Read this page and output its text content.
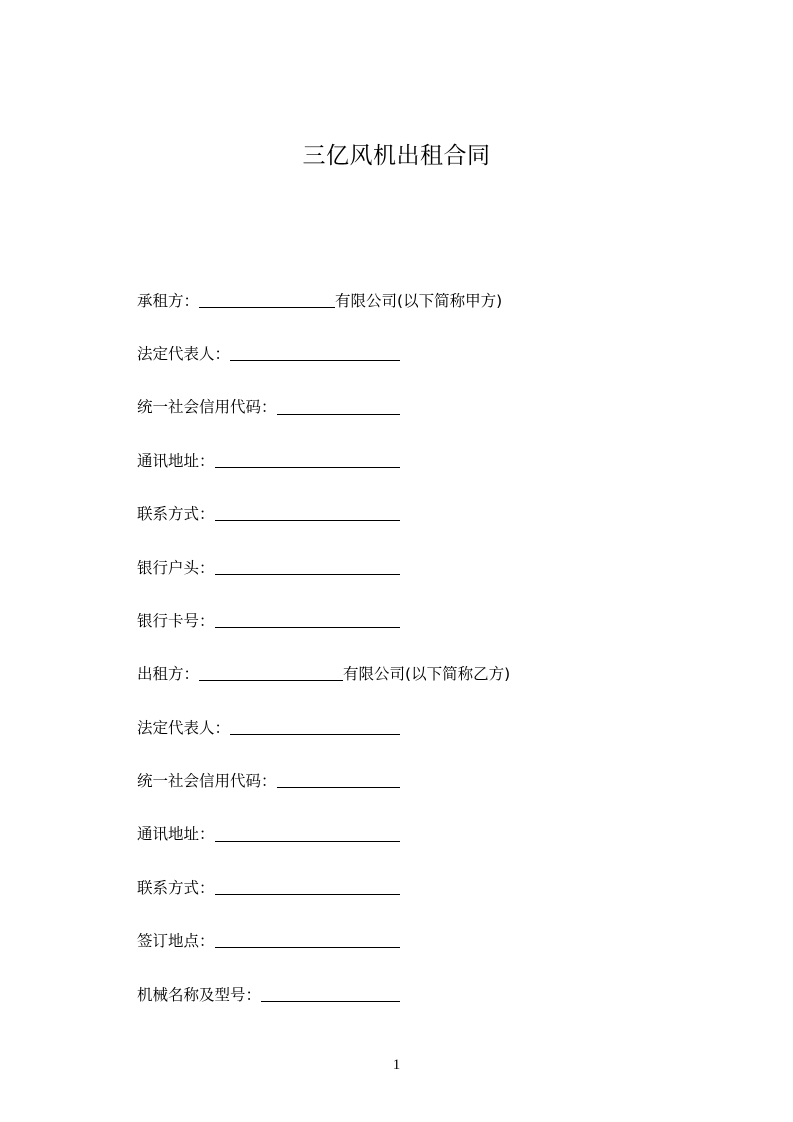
三亿风机出租合同
承租方：	有限公司(以下简称甲方)
法定代表人：
统一社会信用代码：
通讯地址：
联系方式：
银行户头：
银行卡号：
出租方：	有限公司(以下简称乙方)
法定代表人：
统一社会信用代码：
通讯地址：
联系方式：
签订地点：
机械名称及型号：
1
